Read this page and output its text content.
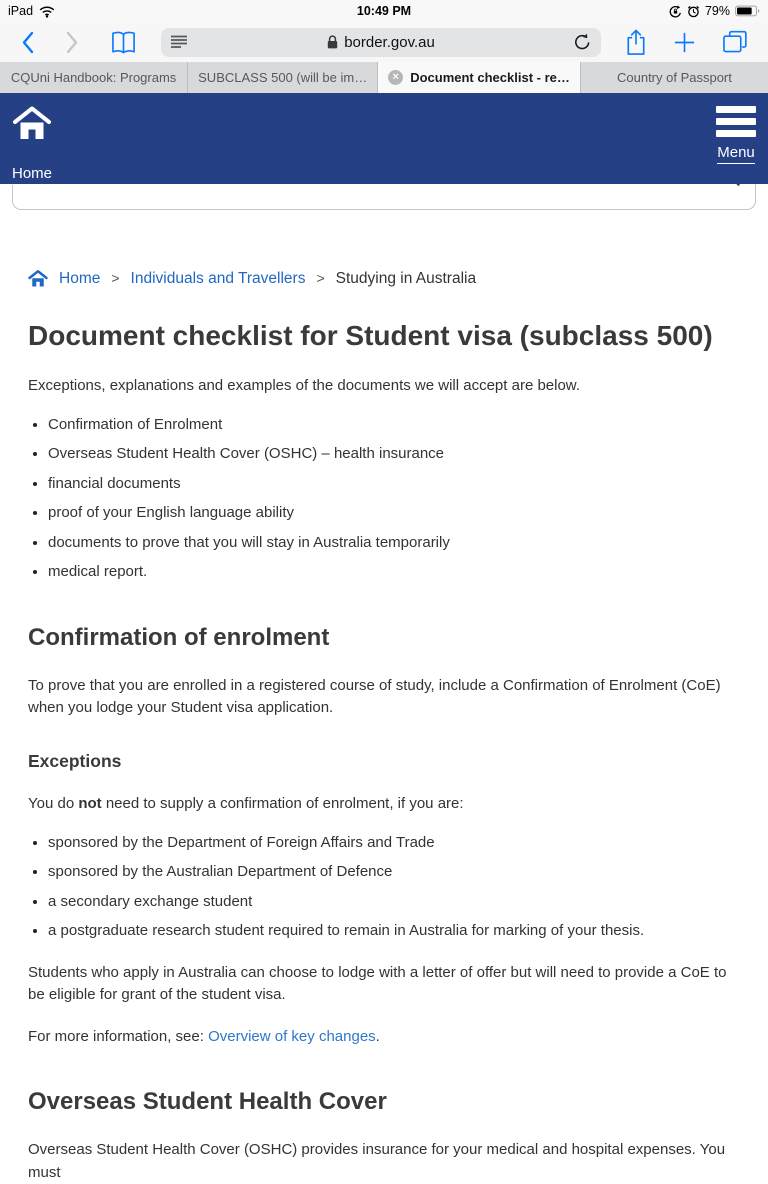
iPad	10:49 PM	79%
border.gov.au
CQUni Handbook: Programs SUBCLASS 500 (will be im…	× Document checklist - re…	Country of Passport

Home
Menu
Home > Individuals and Travellers > Studying in Australia
Document checklist for Student visa (subclass 500)

Exceptions, explanations and examples of the documents we will accept are below.

• Confirmation of Enrolment
• Overseas Student Health Cover (OSHC) – health insurance
• financial documents
• proof of your English language ability
• documents to prove that you will stay in Australia temporarily
• medical report.
Confirmation of enrolment

To prove that you are enrolled in a registered course of study, include a Confirmation of Enrolment (CoE) when you lodge your Student visa application.

Exceptions

You do not need to supply a confirmation of enrolment, if you are:

• sponsored by the Department of Foreign Affairs and Trade
• sponsored by the Australian Department of Defence
• a secondary exchange student
• a postgraduate research student required to remain in Australia for marking of your thesis.

Students who apply in Australia can choose to lodge with a letter of offer but will need to provide a CoE to be eligible for grant of the student visa.

For more information, see: Overview of key changes.

Overseas Student Health Cover

Overseas Student Health Cover (OSHC) provides insurance for your medical and hospital expenses. You must
